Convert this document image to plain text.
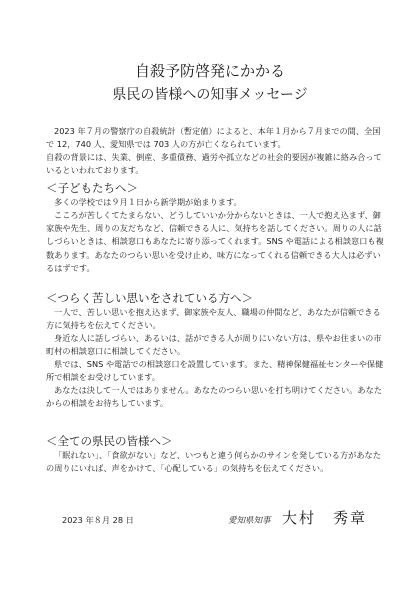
自殺予防啓発にかかる
県民の皆様への知事メッセージ

2023 年７月の警察庁の自殺統計（暫定値）によると、本年１月から７月までの間、全国で 12，740 人、愛知県では 703 人の方が亡くなられています。

自殺の背景には、失業、倒産、多重債務、過労や孤立などの社会的要因が複雑に絡み合っているといわれております。

＜子どもたちへ＞

多くの学校では９月１日から新学期が始まります。

こころが苦しくてたまらない、どうしていいか分からないときは、一人で抱え込まず、御家族や先生、周りの友だちなど、信頼できる人に、気持ちを話してください。周りの人に話しづらいときは、相談窓口もあなたに寄り添ってくれます。SNS や電話による相談窓口も複数あります。あなたのつらい思いを受け止め、味方になってくれる信頼できる大人は必ずいるはずです。

＜つらく苦しい思いをされている方へ＞

一人で、苦しい思いを抱え込まず、御家族や友人、職場の仲間など、あなたが信頼できる方に気持ちを伝えてください。

身近な人に話しづらい、あるいは、話ができる人が周りにいない方は、県やお住まいの市町村の相談窓口に相談してください。

県では、SNS や電話での相談窓口を設置しています。また、精神保健福祉センターや保健所で相談をお受けしています。

あなたは決して一人ではありません。あなたのつらい思いを打ち明けてください。あなたからの相談をお待ちしています。

＜全ての県民の皆様へ＞

「眠れない」、「食欲がない」など、いつもと違う何らかのサインを発している方があなたの周りにいれば、声をかけて、「心配している」の気持ちを伝えてください。

2023 年８月 28 日	愛知県知事 大村　秀章
